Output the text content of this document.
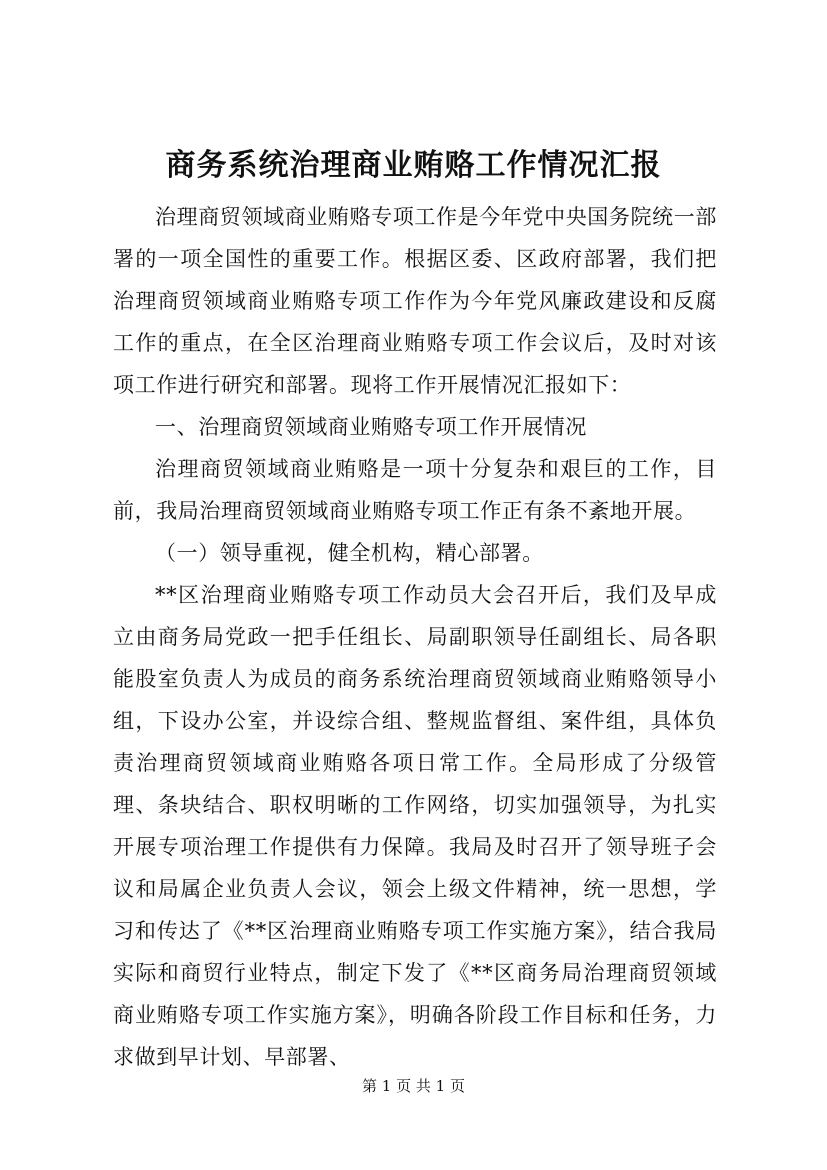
商务系统治理商业贿赂工作情况汇报

治理商贸领域商业贿赂专项工作是今年党中央国务院统一部署的一项全国性的重要工作。根据区委、区政府部署，我们把治理商贸领域商业贿赂专项工作作为今年党风廉政建设和反腐工作的重点，在全区治理商业贿赂专项工作会议后，及时对该项工作进行研究和部署。现将工作开展情况汇报如下：

一、治理商贸领域商业贿赂专项工作开展情况

治理商贸领域商业贿赂是一项十分复杂和艰巨的工作，目前，我局治理商贸领域商业贿赂专项工作正有条不紊地开展。

（一）领导重视，健全机构，精心部署。

**区治理商业贿赂专项工作动员大会召开后，我们及早成立由商务局党政一把手任组长、局副职领导任副组长、局各职能股室负责人为成员的商务系统治理商贸领域商业贿赂领导小组，下设办公室，并设综合组、整规监督组、案件组，具体负责治理商贸领域商业贿赂各项日常工作。全局形成了分级管理、条块结合、职权明晰的工作网络，切实加强领导，为扎实开展专项治理工作提供有力保障。我局及时召开了领导班子会议和局属企业负责人会议，领会上级文件精神，统一思想，学习和传达了《**区治理商业贿赂专项工作实施方案》，结合我局实际和商贸行业特点，制定下发了《**区商务局治理商贸领域商业贿赂专项工作实施方案》，明确各阶段工作目标和任务，力求做到早计划、早部署、

第 1 页 共 1 页
